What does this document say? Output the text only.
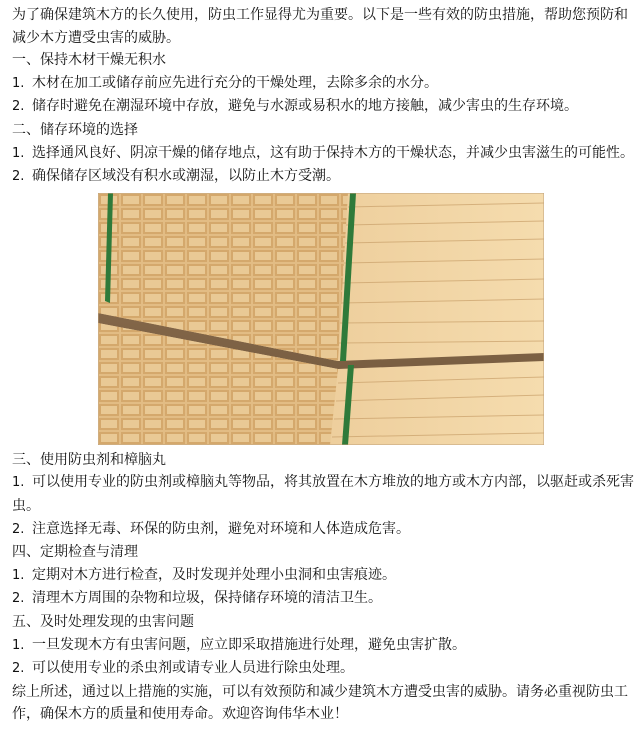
为了确保建筑木方的长久使用，防虫工作显得尤为重要。以下是一些有效的防虫措施，帮助您预防和减少木方遭受虫害的威胁。
一、保持木材干燥无积水
1. 木材在加工或储存前应先进行充分的干燥处理，去除多余的水分。
2. 储存时避免在潮湿环境中存放，避免与水源或易积水的地方接触，减少害虫的生存环境。
二、储存环境的选择
1. 选择通风良好、阴凉干燥的储存地点，这有助于保持木方的干燥状态，并减少虫害滋生的可能性。
2. 确保储存区域没有积水或潮湿，以防止木方受潮。
三、使用防虫剂和樟脑丸
1. 可以使用专业的防虫剂或樟脑丸等物品，将其放置在木方堆放的地方或木方内部，以驱赶或杀死害虫。
2. 注意选择无毒、环保的防虫剂，避免对环境和人体造成危害。
四、定期检查与清理
1. 定期对木方进行检查，及时发现并处理小虫洞和虫害痕迹。
2. 清理木方周围的杂物和垃圾，保持储存环境的清洁卫生。
五、及时处理发现的虫害问题
1. 一旦发现木方有虫害问题，应立即采取措施进行处理，避免虫害扩散。
2. 可以使用专业的杀虫剂或请专业人员进行除虫处理。
综上所述，通过以上措施的实施，可以有效预防和减少建筑木方遭受虫害的威胁。请务必重视防虫工作，确保木方的质量和使用寿命。欢迎咨询伟华木业！
